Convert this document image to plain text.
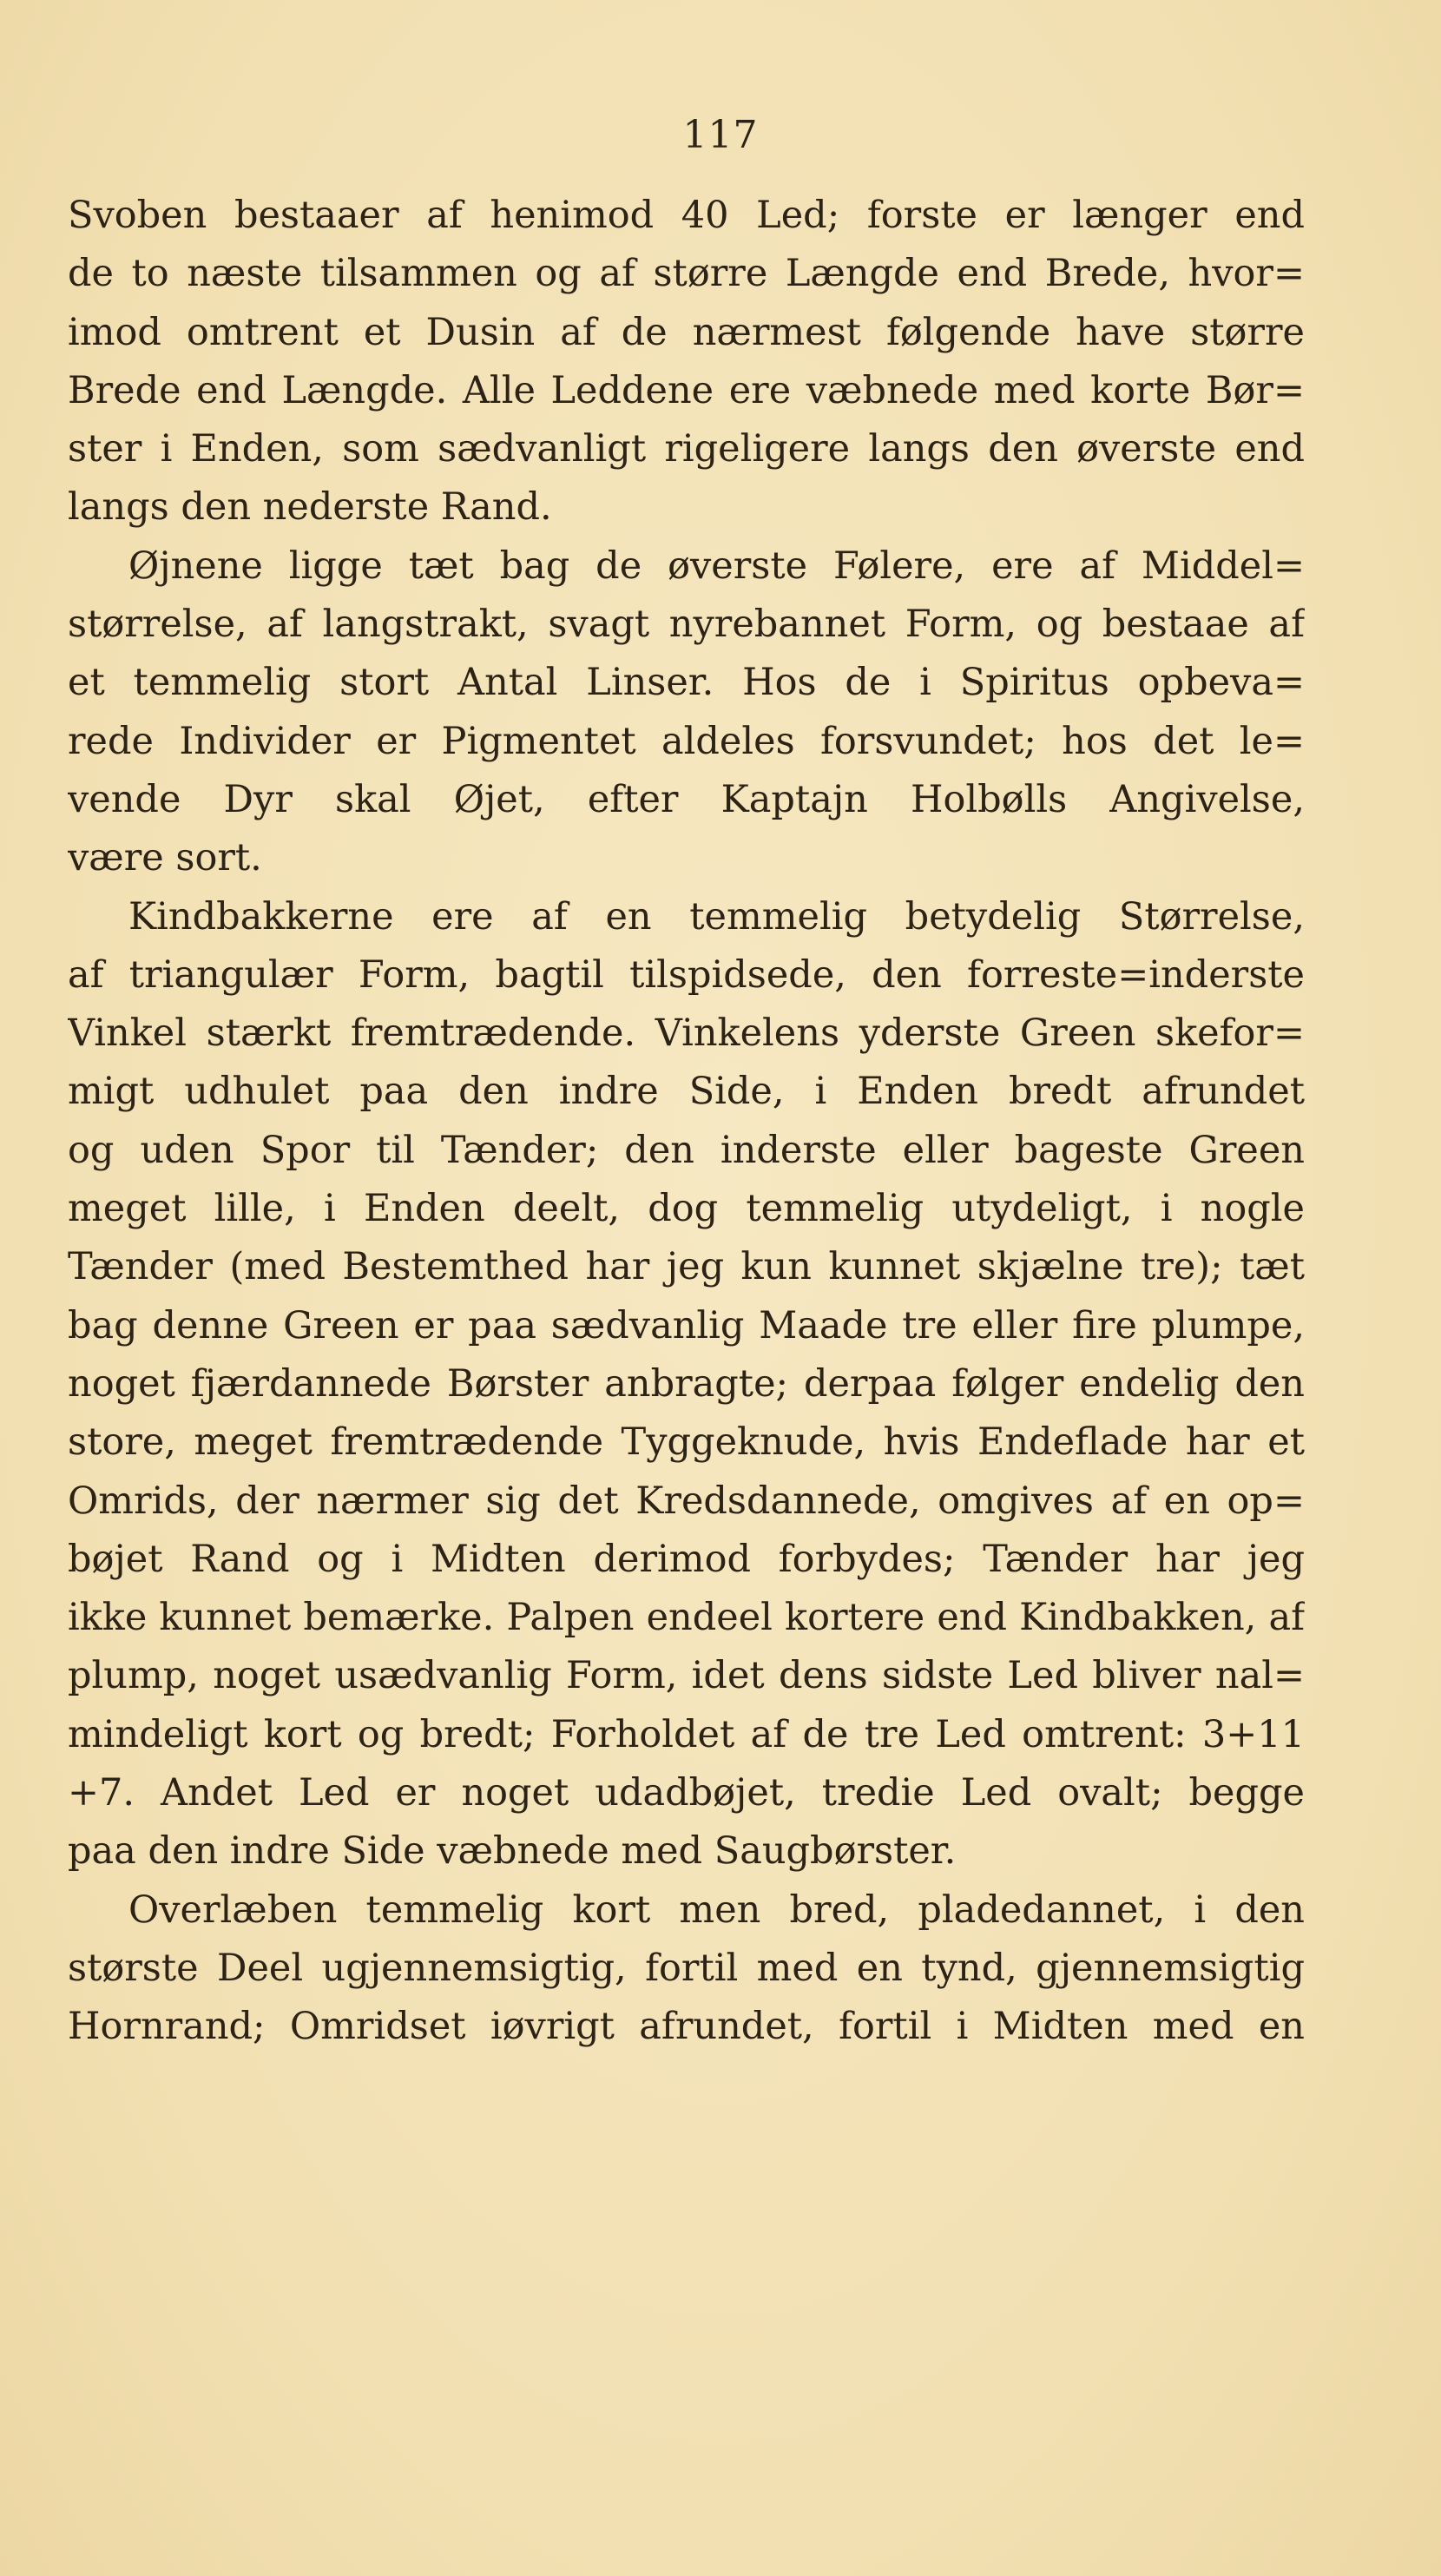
117
Svoben bestaaer af henimod 40 Led; forste er længer end
de to næste tilsammen og af større Længde end Brede, hvor=
imod omtrent et Dusin af de nærmest følgende have større
Brede end Længde. Alle Leddene ere væbnede med korte Bør=
ster i Enden, som sædvanligt rigeligere langs den øverste end
langs den nederste Rand.
Øjnene ligge tæt bag de øverste Følere, ere af Middel=
størrelse, af langstrakt, svagt nyrebannet Form, og bestaae af
et temmelig stort Antal Linser. Hos de i Spiritus opbeva=
rede Individer er Pigmentet aldeles forsvundet; hos det le=
vende Dyr skal Øjet, efter Kaptajn Holbølls Angivelse,
være sort.
Kindbakkerne ere af en temmelig betydelig Størrelse,
af triangulær Form, bagtil tilspidsede, den forreste=inderste
Vinkel stærkt fremtrædende. Vinkelens yderste Green skefor=
migt udhulet paa den indre Side, i Enden bredt afrundet
og uden Spor til Tænder; den inderste eller bageste Green
meget lille, i Enden deelt, dog temmelig utydeligt, i nogle
Tænder (med Bestemthed har jeg kun kunnet skjælne tre); tæt
bag denne Green er paa sædvanlig Maade tre eller fire plumpe,
noget fjærdannede Børster anbragte; derpaa følger endelig den
store, meget fremtrædende Tyggeknude, hvis Endeflade har et
Omrids, der nærmer sig det Kredsdannede, omgives af en op=
bøjet Rand og i Midten derimod forbydes; Tænder har jeg
ikke kunnet bemærke. Palpen endeel kortere end Kindbakken, af
plump, noget usædvanlig Form, idet dens sidste Led bliver nal=
mindeligt kort og bredt; Forholdet af de tre Led omtrent: 3+11
+7. Andet Led er noget udadbøjet, tredie Led ovalt; begge
paa den indre Side væbnede med Saugbørster.
Overlæben temmelig kort men bred, pladedannet, i den
største Deel ugjennemsigtig, fortil med en tynd, gjennemsigtig
Hornrand; Omridset iøvrigt afrundet, fortil i Midten med en
